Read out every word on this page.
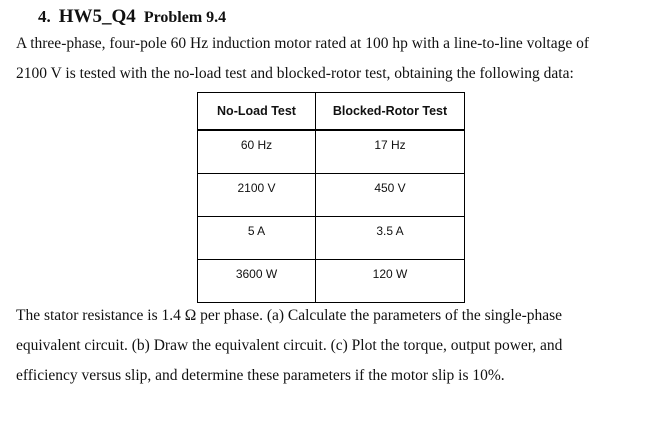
4. HW5_Q4 Problem 9.4
A three-phase, four-pole 60 Hz induction motor rated at 100 hp with a line-to-line voltage of
2100 V is tested with the no-load test and blocked-rotor test, obtaining the following data:
No-Load Test	Blocked-Rotor Test
60 Hz	17 Hz
2100 V	450 V
5 A	3.5 A
3600 W	120 W
The stator resistance is 1.4 Ω per phase. (a) Calculate the parameters of the single-phase
equivalent circuit. (b) Draw the equivalent circuit. (c) Plot the torque, output power, and
efficiency versus slip, and determine these parameters if the motor slip is 10%.
